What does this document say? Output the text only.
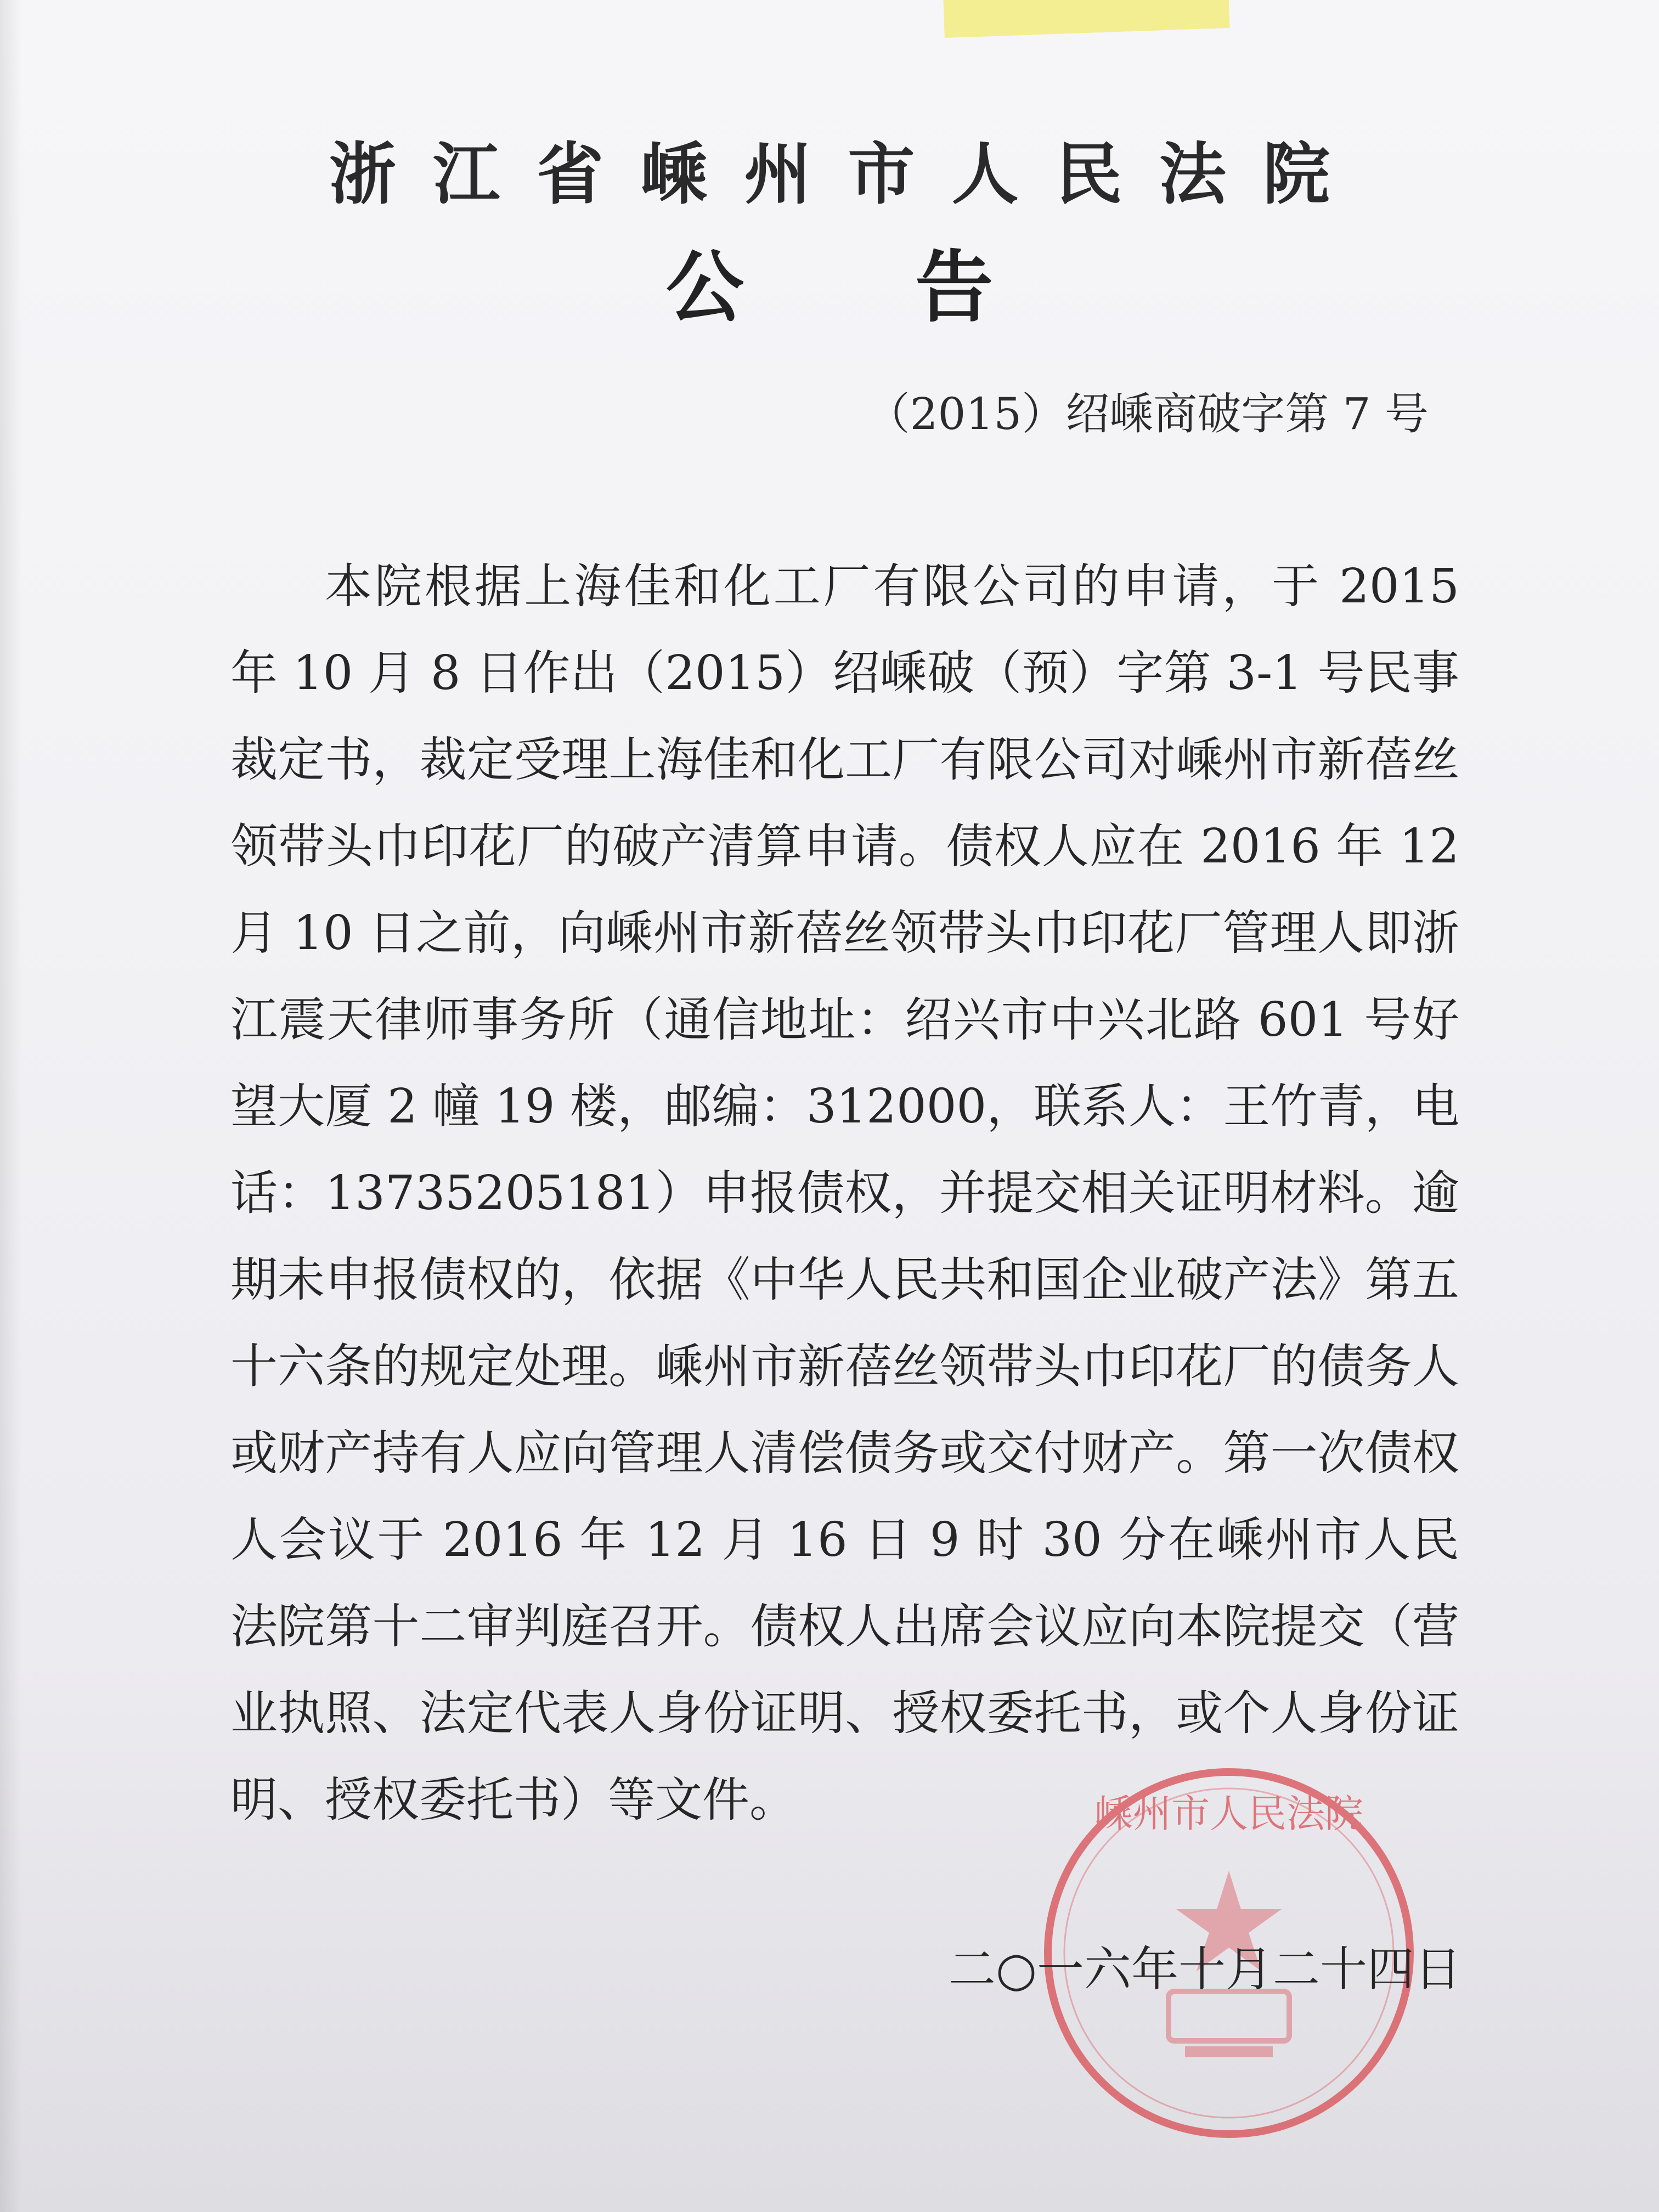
浙江省嵊州市人民法院
公告
（2015）绍嵊商破字第 7 号

本院根据上海佳和化工厂有限公司的申请，于 2015 年 10 月 8 日作出（2015）绍嵊破（预）字第 3-1 号民事裁定书，裁定受理上海佳和化工厂有限公司对嵊州市新蓓丝领带头巾印花厂的破产清算申请。债权人应在 2016 年 12 月 10 日之前，向嵊州市新蓓丝领带头巾印花厂管理人即浙江震天律师事务所（通信地址：绍兴市中兴北路 601 号好望大厦 2 幢 19 楼，邮编：312000，联系人：王竹青，电话：13735205181）申报债权，并提交相关证明材料。逾期未申报债权的，依据《中华人民共和国企业破产法》第五十六条的规定处理。嵊州市新蓓丝领带头巾印花厂的债务人或财产持有人应向管理人清偿债务或交付财产。第一次债权人会议于 2016 年 12 月 16 日 9 时 30 分在嵊州市人民法院第十二审判庭召开。债权人出席会议应向本院提交（营业执照、法定代表人身份证明、授权委托书，或个人身份证明、授权委托书）等文件。	嵊州市人民法院
二○一六年十月二十四日
